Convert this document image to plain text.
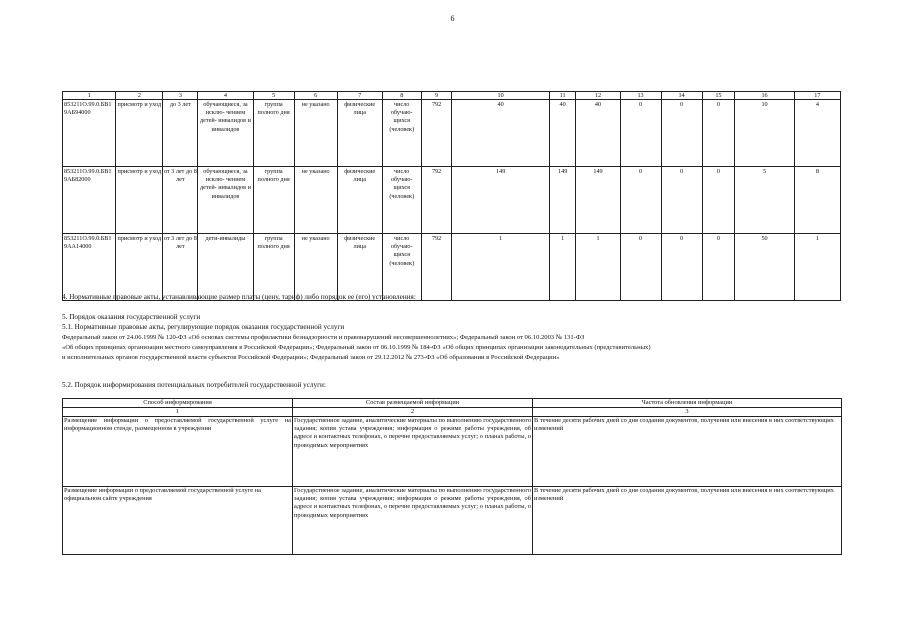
6
1	2	3	4	5	6	7	8	9	10	11	12	13	14	15	16	17
853211О.99.0.БВ1 9АБ94000	присмотр и уход	до 3 лет	обучающиеся, за исклю- чением детей- инвалидов и инвалидов	группа полного дня	не указано	физические лица	число обучаю- щихся (человек)	792	40	40	40	0	0	0	10	4
853211О.99.0.БВ1 9АБ82000	присмотр и уход	от 3 лет до 8 лет	обучающиеся, за исклю- чением детей- инвалидов и инвалидов	группа полного дня	не указано	физические лица	число обучаю- щихся (человек)	792	149	149	149	0	0	0	5	8
853211О.99.0.БВ1 9АА14000	присмотр и уход	от 3 лет до 8 лет	дети-инвалиды	группа полного дня	не указано	физические лица	число обучаю- щихся (человек)	792	1	1	1	0	0	0	50	1
4. Нормативные правовые акты, устанавливающие размер платы (цену, тариф) либо порядок ее (его) установления:
5. Порядок оказания государственной услуги
5.1. Нормативные правовые акты, регулирующие порядок оказания государственной услуги
Федеральный закон от 24.06.1999 № 120-ФЗ «Об основах системы профилактики безнадзорности и правонарушений несовершеннолетних»; Федеральный закон от 06.10.2003 № 131-ФЗ
«Об общих принципах организации местного самоуправления в Российской Федерации»; Федеральный закон от 06.10.1999 № 184-ФЗ «Об общих принципах организации законодательных (представительных)
и исполнительных органов государственной власти субъектов Российской Федерации»; Федеральный закон от 29.12.2012 № 273-ФЗ «Об образовании в Российской Федерации»
5.2. Порядок информирования потенциальных потребителей государственной услуги:
Способ информирования	Состав размещаемой информации	Частота обновления информации
1	2	3
Размещение информации о предоставляемой государственной услуге на информационном стенде, размещенном в учреждении	Государственное задание, аналитические материалы по выполнению государственного задания; копия устава учреждения; информация о режиме работы учреждения, об адресе и контактных телефонах, о перечне предоставляемых услуг; о планах работы, о проводимых мероприятиях	В течение десяти рабочих дней со дня создания документов, получения или внесения в них соответствующих изменений
Размещение информации о предоставляемой государственной услуге на официальном сайте учреждения	Государственное задание, аналитические материалы по выполнению государственного задания; копия устава учреждения; информация о режиме работы учреждения, об адресе и контактных телефонах, о перечне предоставляемых услуг; о планах работы, о проводимых мероприятиях	В течение десяти рабочих дней со дня создания документов, получения или внесения в них соответствующих изменений
